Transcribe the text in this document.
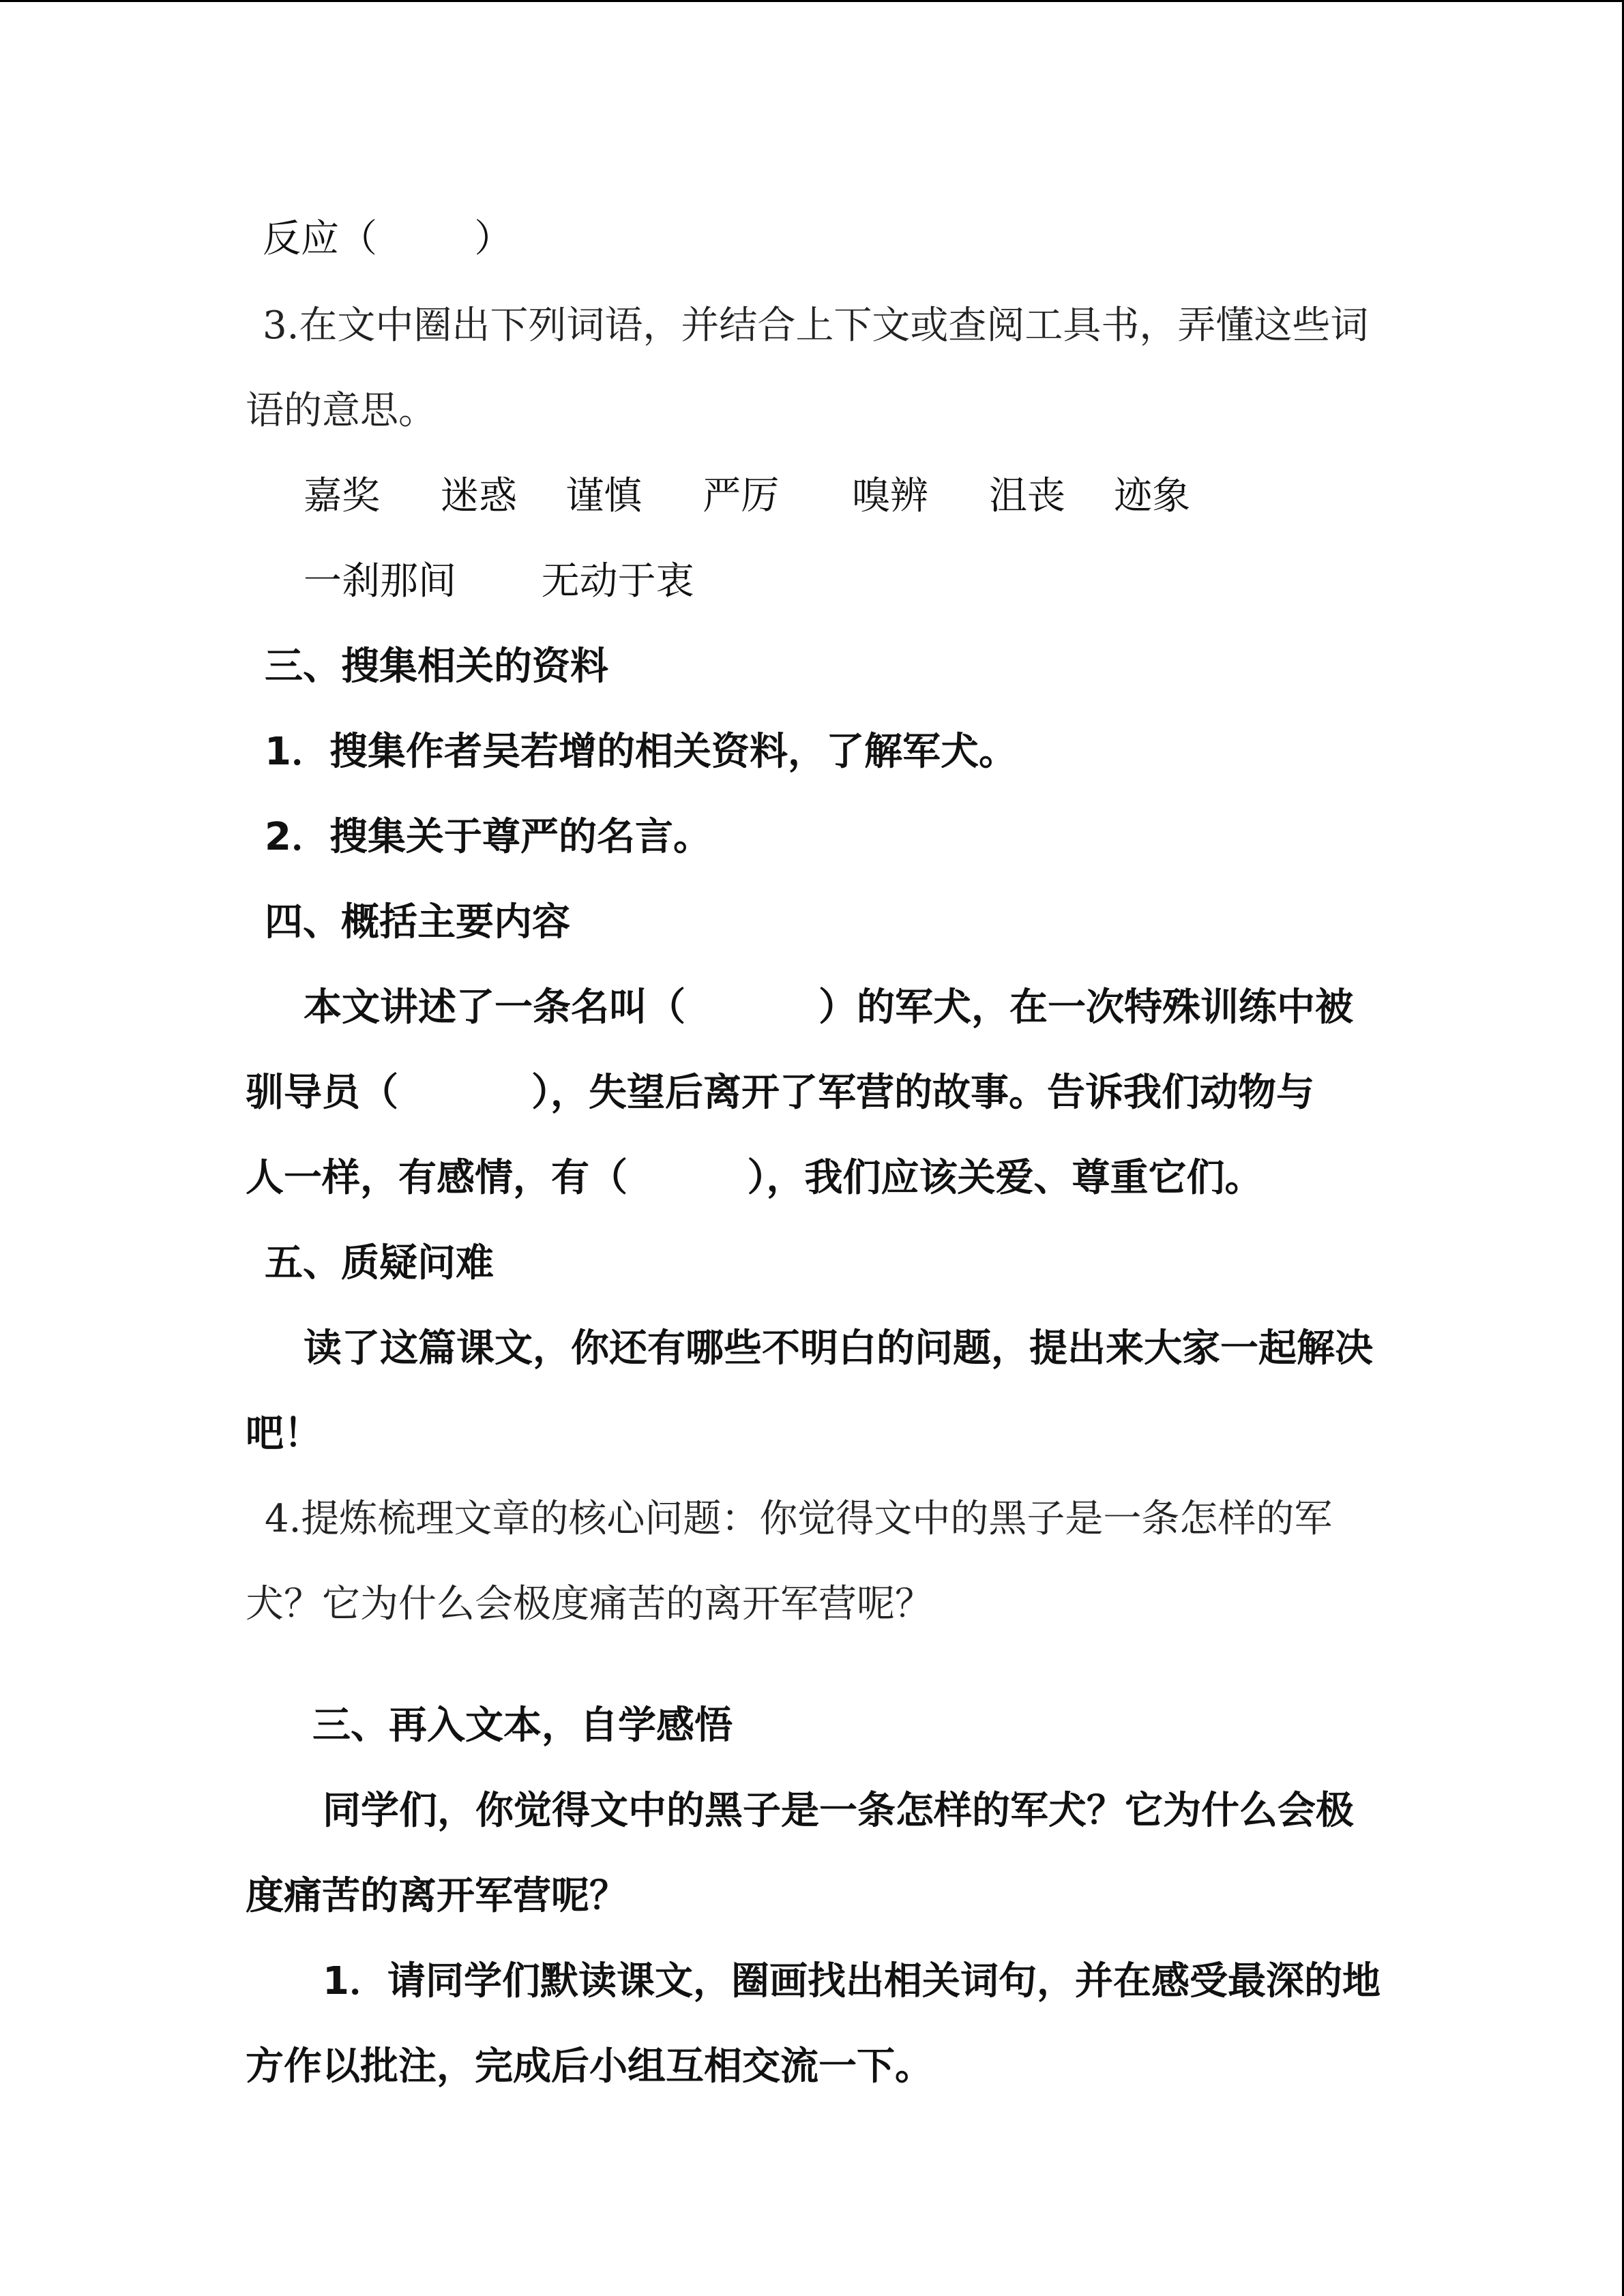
反应（        ）
3.在文中圈出下列词语，并结合上下文或查阅工具书，弄懂这些词
语的意思。
嘉奖     迷惑    谨慎     严厉      嗅辨     沮丧    迹象
一刹那间       无动于衷
三、搜集相关的资料
1．搜集作者吴若增的相关资料，了解军犬。
2．搜集关于尊严的名言。
四、概括主要内容
本文讲述了一条名叫（          ）的军犬，在一次特殊训练中被
驯导员（          ），失望后离开了军营的故事。告诉我们动物与
人一样，有感情，有（         ），我们应该关爱、尊重它们。
五、质疑问难
读了这篇课文，你还有哪些不明白的问题，提出来大家一起解决
吧！
4.提炼梳理文章的核心问题：你觉得文中的黑子是一条怎样的军
犬？它为什么会极度痛苦的离开军营呢？
三、再入文本，自学感悟
同学们，你觉得文中的黑子是一条怎样的军犬？它为什么会极
度痛苦的离开军营呢？
1．请同学们默读课文，圈画找出相关词句，并在感受最深的地
方作以批注，完成后小组互相交流一下。
